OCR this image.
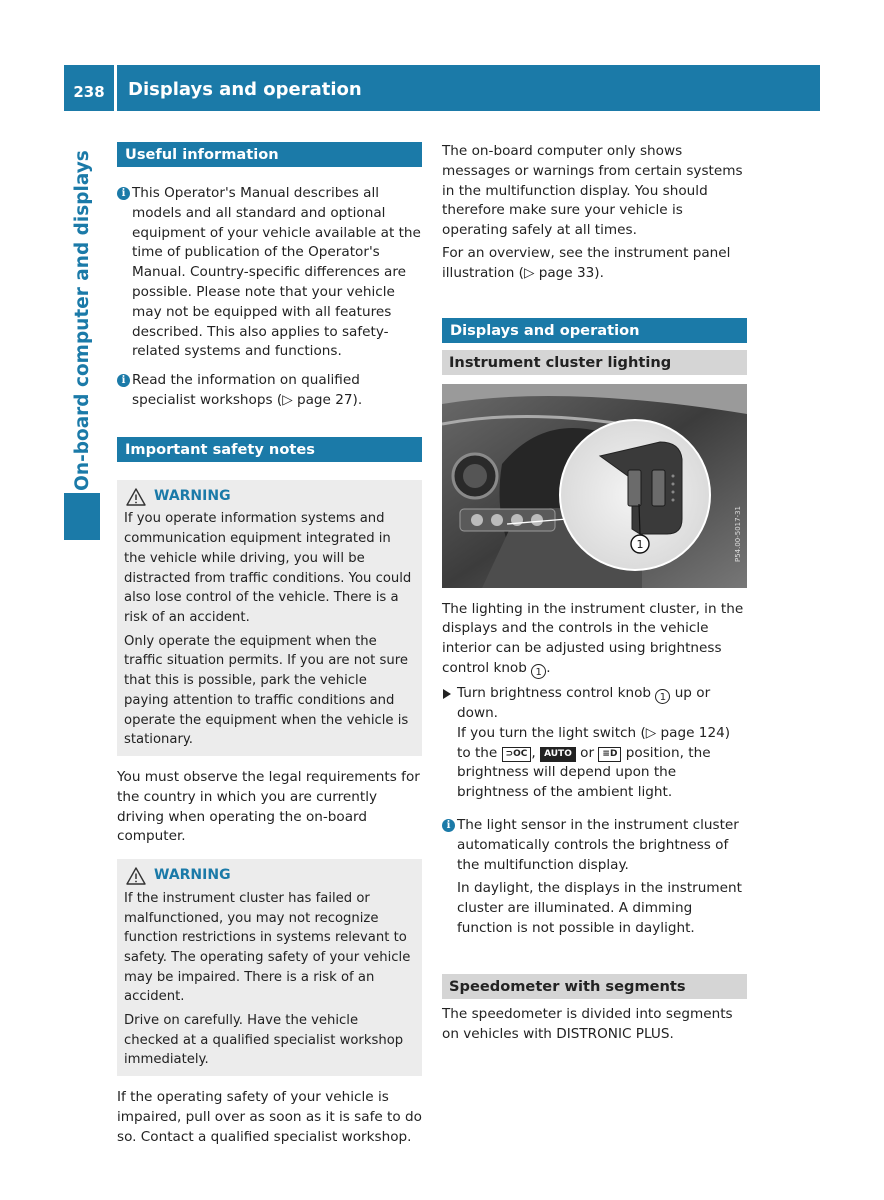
238	Displays and operation
On-board computer and displays	Useful information
i This Operator's Manual describes all models and all standard and optional equipment of your vehicle available at the time of publication of the Operator's Manual. Country-specific differences are possible. Please note that your vehicle may not be equipped with all features described. This also applies to safety-related systems and functions.

i Read the information on qualified specialist workshops (▷ page 27).

Important safety notes
WARNING

If you operate information systems and communication equipment integrated in the vehicle while driving, you will be distracted from traffic conditions. You could also lose control of the vehicle. There is a risk of an accident.

Only operate the equipment when the traffic situation permits. If you are not sure that this is possible, park the vehicle paying attention to traffic conditions and operate the equipment when the vehicle is stationary.

You must observe the legal requirements for the country in which you are currently driving when operating the on-board computer.

WARNING

If the instrument cluster has failed or malfunctioned, you may not recognize function restrictions in systems relevant to safety. The operating safety of your vehicle may be impaired. There is a risk of an accident.

Drive on carefully. Have the vehicle checked at a qualified specialist workshop immediately.

If the operating safety of your vehicle is impaired, pull over as soon as it is safe to do so. Contact a qualified specialist workshop.

The on-board computer only shows messages or warnings from certain systems in the multifunction display. You should therefore make sure your vehicle is operating safely at all times.

For an overview, see the instrument panel illustration (▷ page 33).

Displays and operation
Instrument cluster lighting
1	P54.00-5017-31

The lighting in the instrument cluster, in the displays and the controls in the vehicle interior can be adjusted using brightness control knob 1 .

Turn brightness control knob 1 up or down.

If you turn the light switch (▷ page 124) to the ⊃OC , AUTO or ≡D position, the brightness will depend upon the brightness of the ambient light.

i The light sensor in the instrument cluster automatically controls the brightness of the multifunction display.

In daylight, the displays in the instrument cluster are illuminated. A dimming function is not possible in daylight.

Speedometer with segments

The speedometer is divided into segments on vehicles with DISTRONIC PLUS.
